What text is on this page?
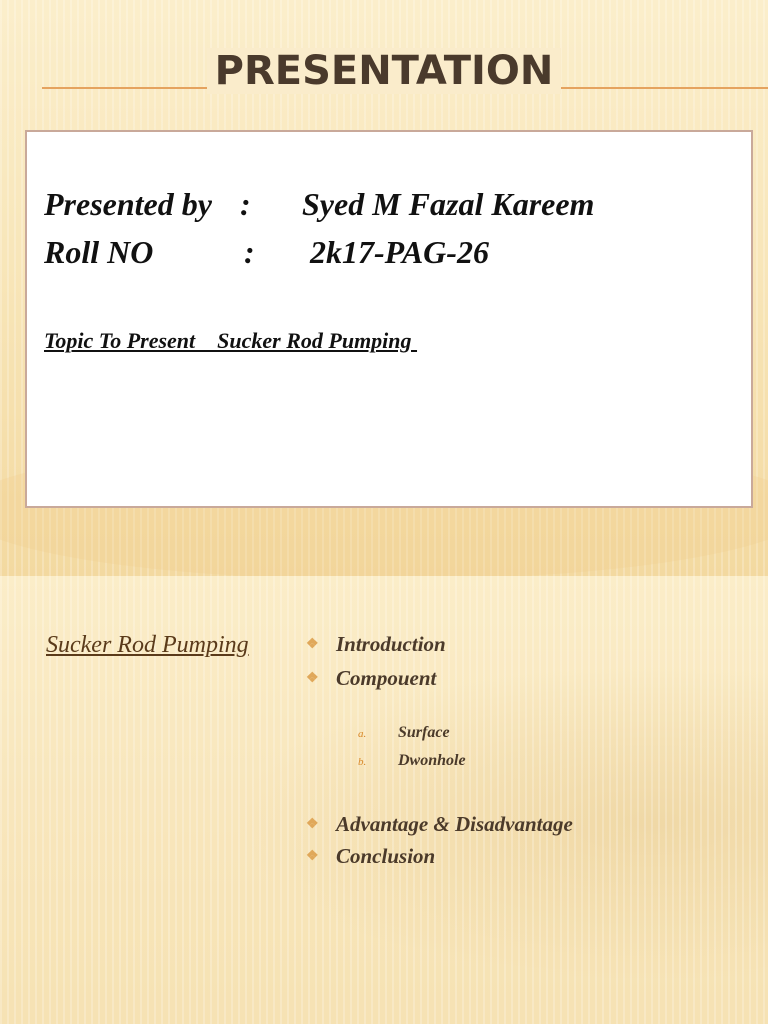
PRESENTATION
Presented by : Syed M Fazal Kareem
Roll NO	: 2k17-PAG-26
Topic To Present    Sucker Rod Pumping
Sucker Rod Pumping	❖ Introduction
❖ Compouent
a. Surface
b. Dwonhole
❖ Advantage & Disadvantage
❖ Conclusion
